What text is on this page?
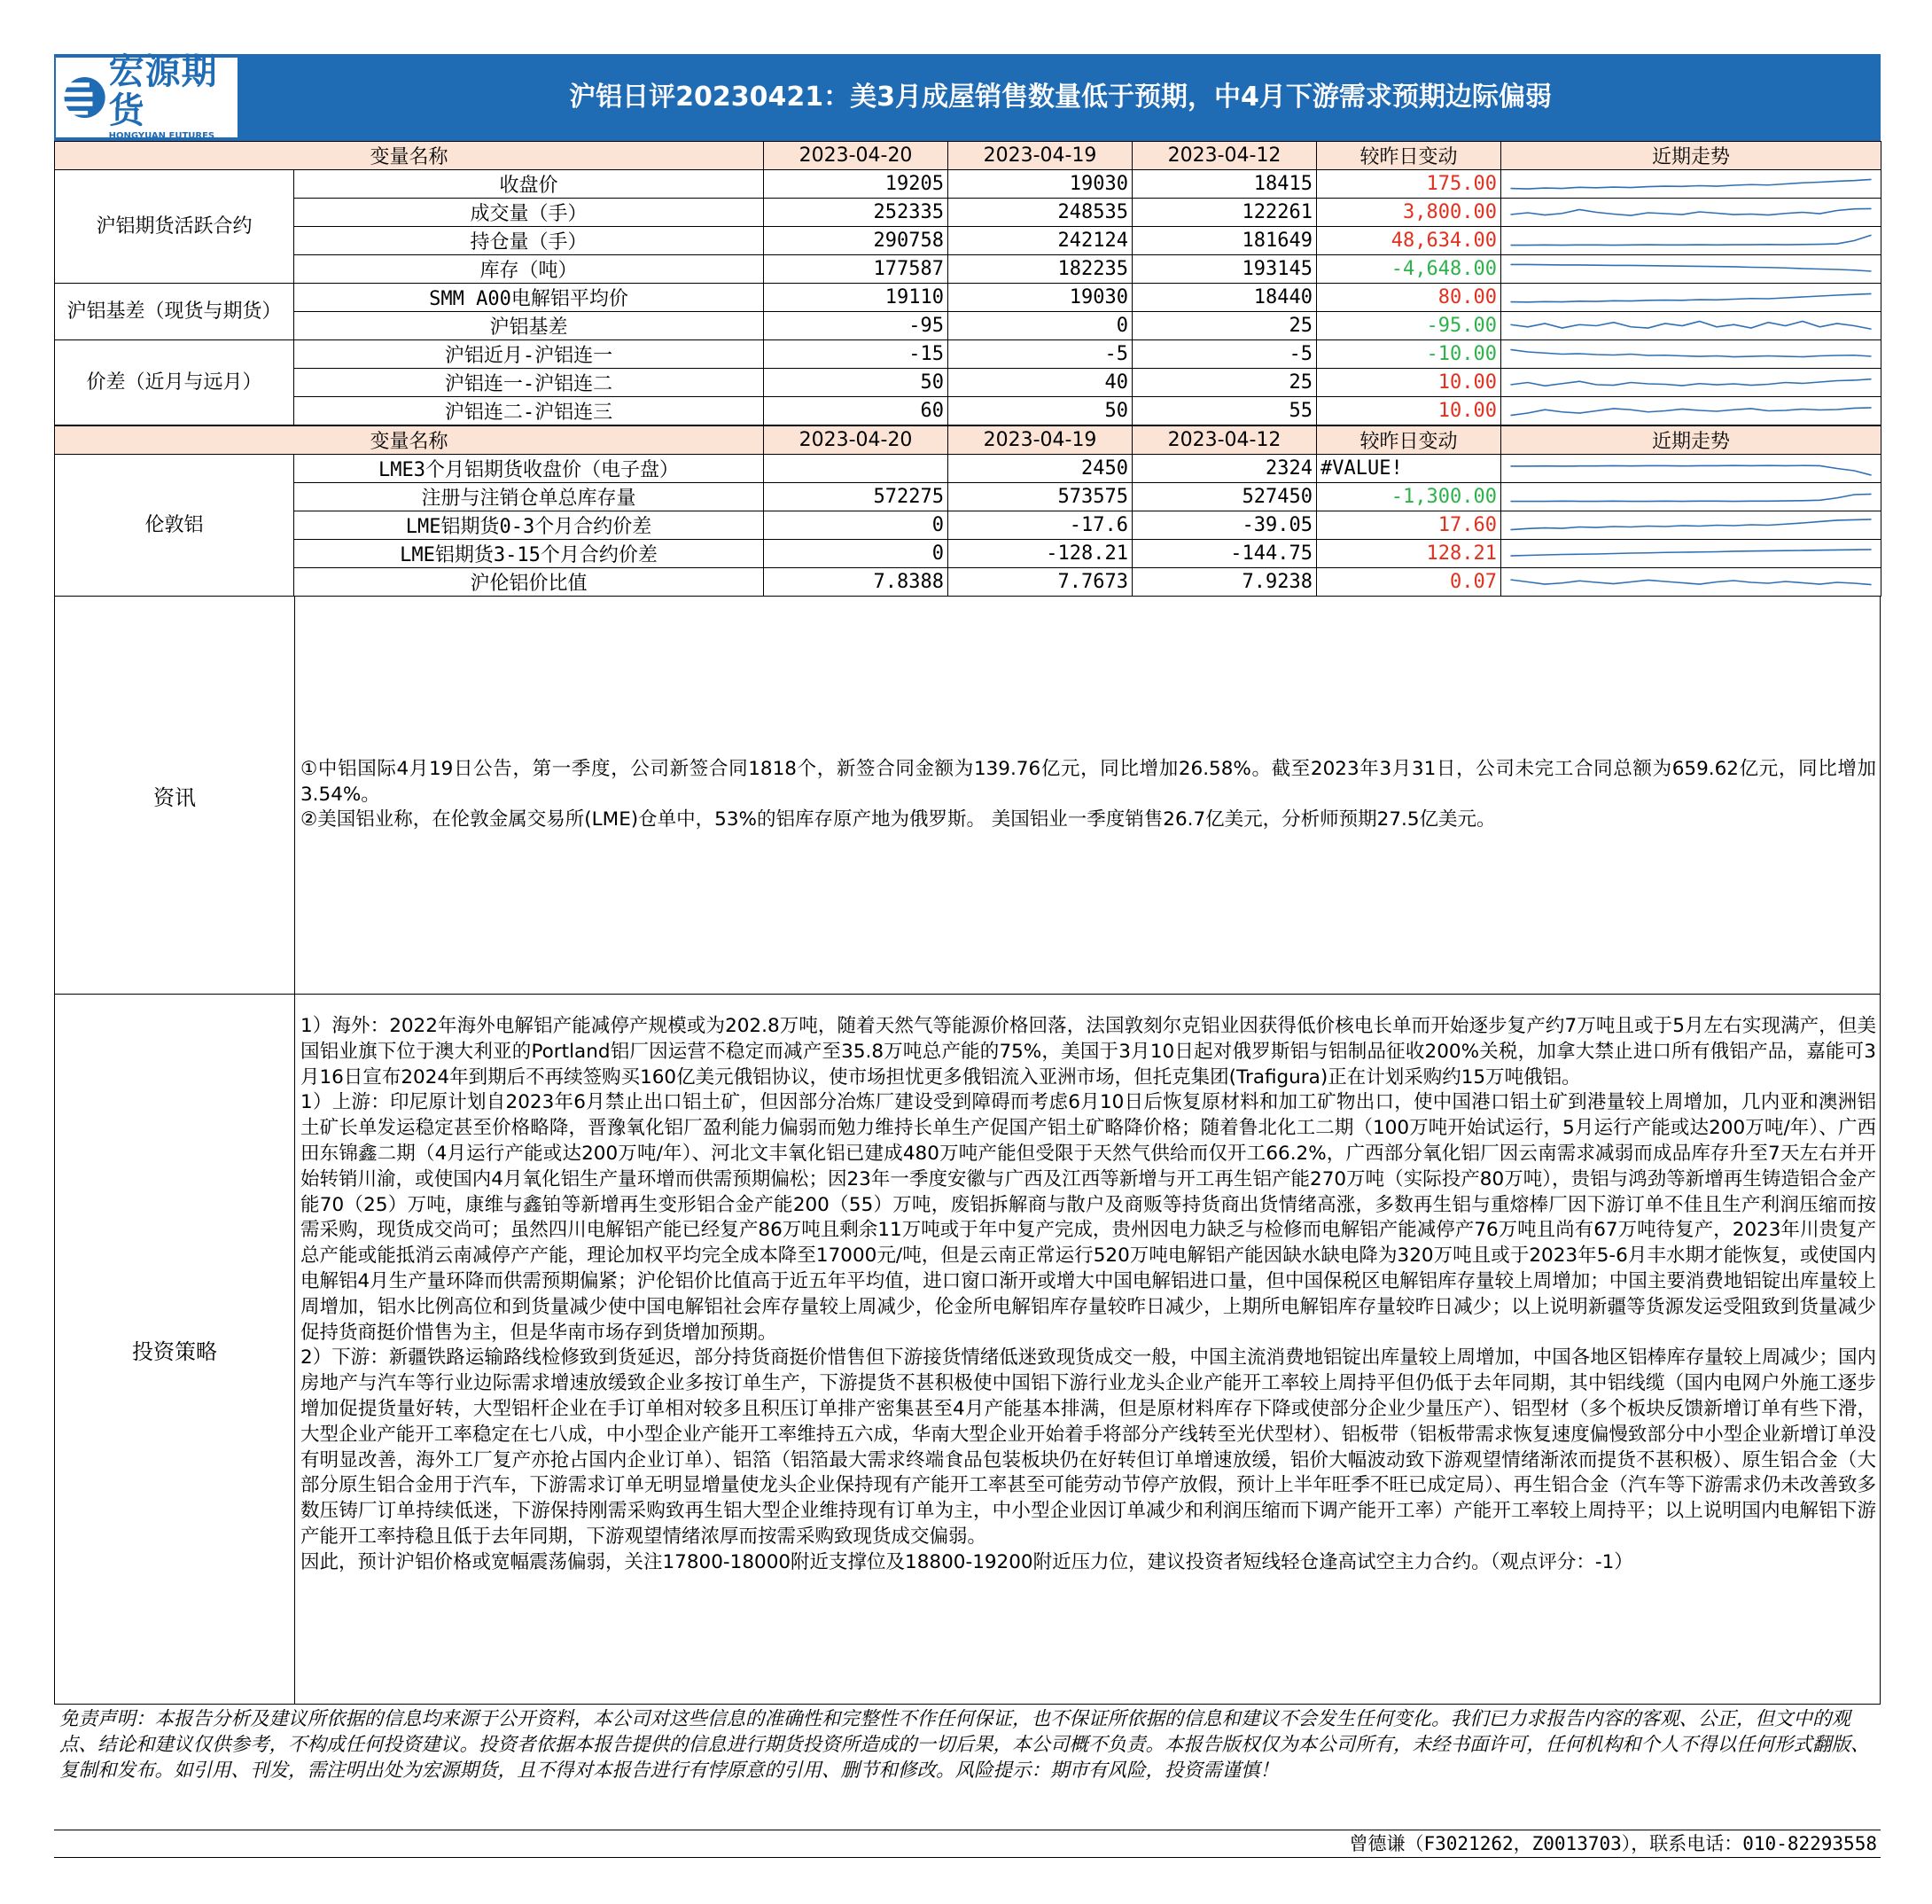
宏源期货
HONGYUAN FUTURES
沪铝日评20230421：美3月成屋销售数量低于预期，中4月下游需求预期边际偏弱
变量名称		2023-04-20	2023-04-19	2023-04-12	较昨日变动	近期走势
沪铝期货活跃合约	收盘价	19205	19030	18415	175.00	

	成交量（手）	252335	248535	122261	3,800.00	

	持仓量（手）	290758	242124	181649	48,634.00	

	库存（吨）	177587	182235	193145	-4,648.00	

沪铝基差（现货与期货）	SMM A00电解铝平均价	19110	19030	18440	80.00	

	沪铝基差	-95	0	25	-95.00	

价差（近月与远月）	沪铝近月-沪铝连一	-15	-5	-5	-10.00	

	沪铝连一-沪铝连二	50	40	25	10.00	

	沪铝连二-沪铝连三	60	50	55	10.00	
变量名称		2023-04-20	2023-04-19	2023-04-12	较昨日变动	近期走势
伦敦铝	LME3个月铝期货收盘价（电子盘）		2450	2324	#VALUE!	

	注册与注销仓单总库存量	572275	573575	527450	-1,300.00	

	LME铝期货0-3个月合约价差	0	-17.6	-39.05	17.60	

	LME铝期货3-15个月合约价差	0	-128.21	-144.75	128.21	

	沪伦铝价比值	7.8388	7.7673	7.9238	0.07	
资讯
①中铝国际4月19日公告，第一季度，公司新签合同1818个，新签合同金额为139.76亿元，同比增加26.58%。截至2023年3月31日，公司未完工合同总额为659.62亿元，同比增加3.54%。
②美国铝业称，在伦敦金属交易所(LME)仓单中，53%的铝库存原产地为俄罗斯。 美国铝业一季度销售26.7亿美元，分析师预期27.5亿美元。
投资策略
1）海外：2022年海外电解铝产能减停产规模或为202.8万吨，随着天然气等能源价格回落，法国敦刻尔克铝业因获得低价核电长单而开始逐步复产约7万吨且或于5月左右实现满产，但美国铝业旗下位于澳大利亚的Portland铝厂因运营不稳定而减产至35.8万吨总产能的75%，美国于3月10日起对俄罗斯铝与铝制品征收200%关税，加拿大禁止进口所有俄铝产品，嘉能可3月16日宣布2024年到期后不再续签购买160亿美元俄铝协议，使市场担忧更多俄铝流入亚洲市场，但托克集团(Trafigura)正在计划采购约15万吨俄铝。
1）上游：印尼原计划自2023年6月禁止出口铝土矿，但因部分冶炼厂建设受到障碍而考虑6月10日后恢复原材料和加工矿物出口，使中国港口铝土矿到港量较上周增加，几内亚和澳洲铝土矿长单发运稳定甚至价格略降，晋豫氧化铝厂盈利能力偏弱而勉力维持长单生产促国产铝土矿略降价格；随着鲁北化工二期（100万吨开始试运行，5月运行产能或达200万吨/年）、广西田东锦鑫二期（4月运行产能或达200万吨/年）、河北文丰氧化铝已建成480万吨产能但受限于天然气供给而仅开工66.2%，广西部分氧化铝厂因云南需求减弱而成品库存升至7天左右并开始转销川渝，或使国内4月氧化铝生产量环增而供需预期偏松；因23年一季度安徽与广西及江西等新增与开工再生铝产能270万吨（实际投产80万吨），贵铝与鸿劲等新增再生铸造铝合金产能70（25）万吨，康维与鑫铂等新增再生变形铝合金产能200（55）万吨，废铝拆解商与散户及商贩等持货商出货情绪高涨，多数再生铝与重熔棒厂因下游订单不佳且生产利润压缩而按需采购，现货成交尚可；虽然四川电解铝产能已经复产86万吨且剩余11万吨或于年中复产完成，贵州因电力缺乏与检修而电解铝产能减停产76万吨且尚有67万吨待复产，2023年川贵复产总产能或能抵消云南减停产产能，理论加权平均完全成本降至17000元/吨，但是云南正常运行520万吨电解铝产能因缺水缺电降为320万吨且或于2023年5-6月丰水期才能恢复，或使国内电解铝4月生产量环降而供需预期偏紧；沪伦铝价比值高于近五年平均值，进口窗口渐开或增大中国电解铝进口量，但中国保税区电解铝库存量较上周增加；中国主要消费地铝锭出库量较上周增加，铝水比例高位和到货量减少使中国电解铝社会库存量较上周减少，伦金所电解铝库存量较昨日减少，上期所电解铝库存量较昨日减少；以上说明新疆等货源发运受阻致到货量减少促持货商挺价惜售为主，但是华南市场存到货增加预期。
2）下游：新疆铁路运输路线检修致到货延迟，部分持货商挺价惜售但下游接货情绪低迷致现货成交一般，中国主流消费地铝锭出库量较上周增加，中国各地区铝棒库存量较上周减少；国内房地产与汽车等行业边际需求增速放缓致企业多按订单生产，下游提货不甚积极使中国铝下游行业龙头企业产能开工率较上周持平但仍低于去年同期，其中铝线缆（国内电网户外施工逐步增加促提货量好转，大型铝杆企业在手订单相对较多且积压订单排产密集甚至4月产能基本排满，但是原材料库存下降或使部分企业少量压产）、铝型材（多个板块反馈新增订单有些下滑，大型企业产能开工率稳定在七八成，中小型企业产能开工率维持五六成，华南大型企业开始着手将部分产线转至光伏型材）、铝板带（铝板带需求恢复速度偏慢致部分中小型企业新增订单没有明显改善，海外工厂复产亦抢占国内企业订单）、铝箔（铝箔最大需求终端食品包装板块仍在好转但订单增速放缓，铝价大幅波动致下游观望情绪渐浓而提货不甚积极）、原生铝合金（大部分原生铝合金用于汽车，下游需求订单无明显增量使龙头企业保持现有产能开工率甚至可能劳动节停产放假，预计上半年旺季不旺已成定局）、再生铝合金（汽车等下游需求仍未改善致多数压铸厂订单持续低迷，下游保持刚需采购致再生铝大型企业维持现有订单为主，中小型企业因订单减少和利润压缩而下调产能开工率）产能开工率较上周持平；以上说明国内电解铝下游产能开工率持稳且低于去年同期，下游观望情绪浓厚而按需采购致现货成交偏弱。
因此，预计沪铝价格或宽幅震荡偏弱，关注17800-18000附近支撑位及18800-19200附近压力位，建议投资者短线轻仓逢高试空主力合约。（观点评分：-1）
免责声明：本报告分析及建议所依据的信息均来源于公开资料，本公司对这些信息的准确性和完整性不作任何保证，也不保证所依据的信息和建议不会发生任何变化。我们已力求报告内容的客观、公正，但文中的观点、结论和建议仅供参考，不构成任何投资建议。投资者依据本报告提供的信息进行期货投资所造成的一切后果，本公司概不负责。本报告版权仅为本公司所有，未经书面许可，任何机构和个人不得以任何形式翻版、复制和发布。如引用、刊发，需注明出处为宏源期货，且不得对本报告进行有悖原意的引用、删节和修改。风险提示：期市有风险，投资需谨慎！
曾德谦（F3021262，Z0013703），联系电话：010-82293558
